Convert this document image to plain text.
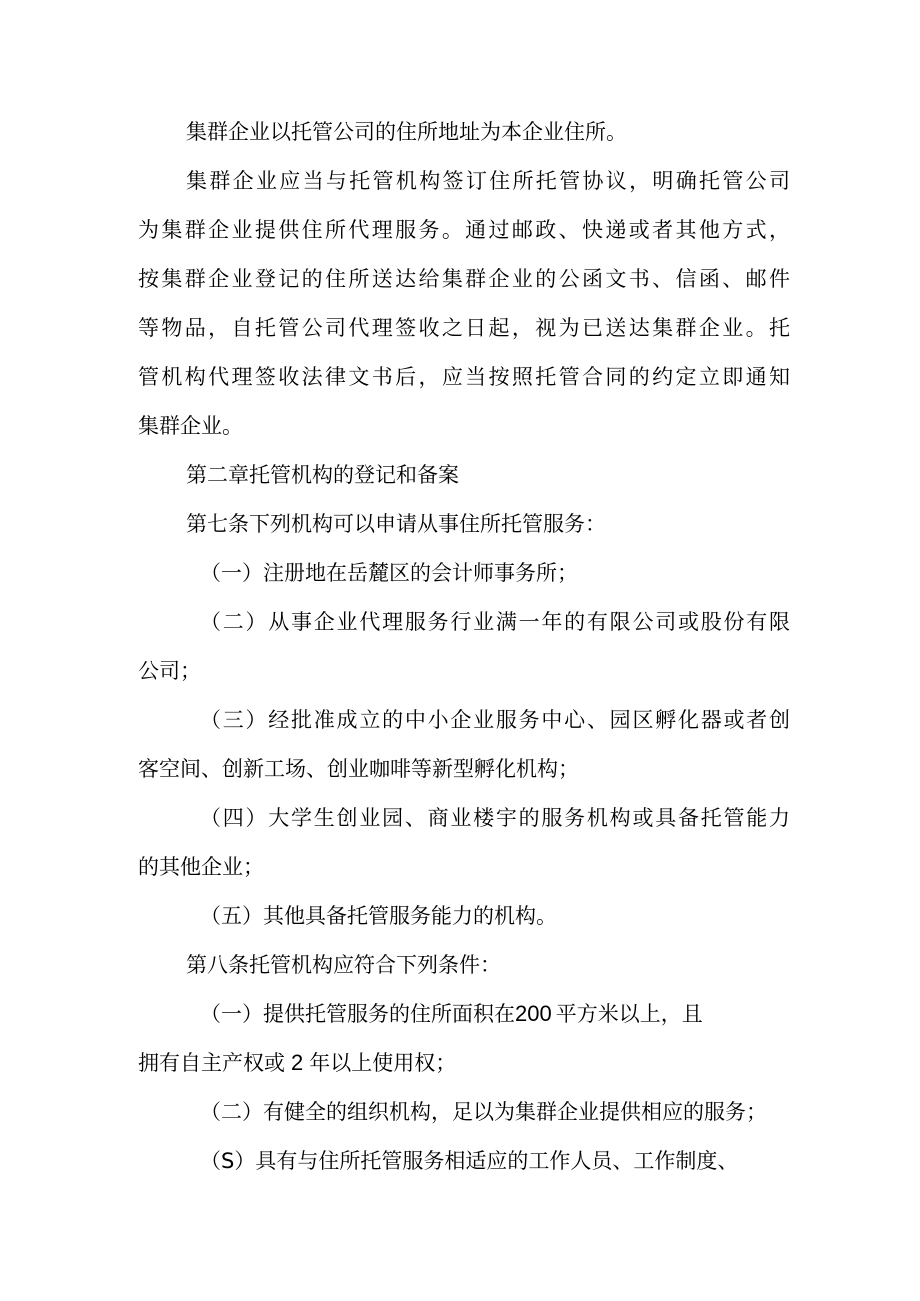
集群企业以托管公司的住所地址为本企业住所。

集群企业应当与托管机构签订住所托管协议，明确托管公司

为集群企业提供住所代理服务。通过邮政、快递或者其他方式，

按集群企业登记的住所送达给集群企业的公函文书、信函、邮件

等物品，自托管公司代理签收之日起，视为已送达集群企业。托

管机构代理签收法律文书后，应当按照托管合同的约定立即通知

集群企业。

第二章托管机构的登记和备案

第七条下列机构可以申请从事住所托管服务：

（一）注册地在岳麓区的会计师事务所；

（二）从事企业代理服务行业满一年的有限公司或股份有限

公司；

（三）经批准成立的中小企业服务中心、园区孵化器或者创

客空间、创新工场、创业咖啡等新型孵化机构；

（四）大学生创业园、商业楼宇的服务机构或具备托管能力

的其他企业；

（五）其他具备托管服务能力的机构。

第八条托管机构应符合下列条件：

（一）提供托管服务的住所面积在200 平方米以上，且

拥有自主产权或 2 年以上使用权；

（二）有健全的组织机构，足以为集群企业提供相应的服务；

（S）具有与住所托管服务相适应的工作人员、工作制度、
